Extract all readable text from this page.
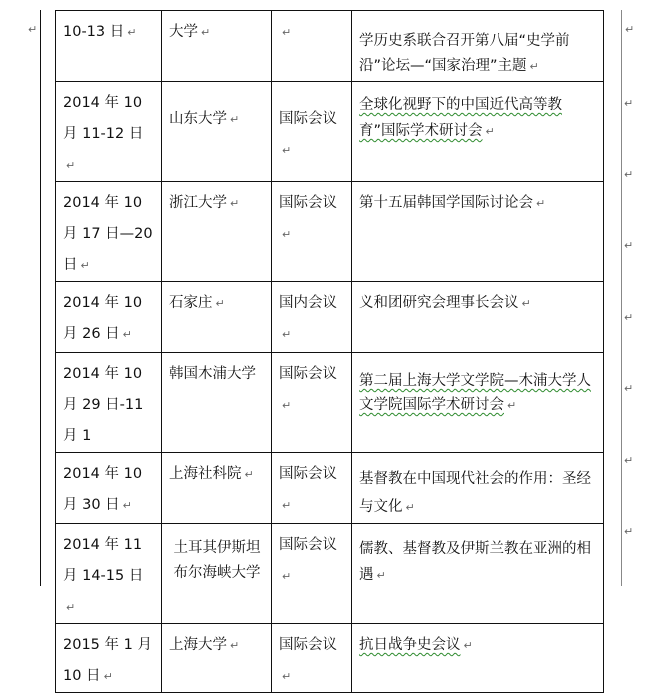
↵	↵
↵
↵
↵
↵
↵
↵
↵
10-13 日 ↵	大学 ↵	↵	学历史系联合召开第八届“史学前沿”论坛—“国家治理”主题 ↵
2014 年 10 月 11-12 日↵	山东大学 ↵	国际会议↵	全球化视野下的中国近代高等教育”国际学术研讨会 ↵
2014 年 10 月 17 日—20 日 ↵	浙江大学 ↵	国际会议↵	第十五届韩国学国际讨论会 ↵
2014 年 10 月 26 日 ↵	石家庄 ↵	国内会议↵	义和团研究会理事长会议 ↵
2014 年 10 月 29 日-11 月 1	韩国木浦大学	国际会议↵	第二届上海大学文学院—木浦大学人文学院国际学术研讨会 ↵
2014 年 10 月 30 日 ↵	上海社科院 ↵	国际会议↵	基督教在中国现代社会的作用：圣经与文化 ↵
2014 年 11 月 14-15 日↵	土耳其伊斯坦布尔海峡大学	国际会议↵	儒教、基督教及伊斯兰教在亚洲的相遇 ↵
2015 年 1 月 10 日 ↵	上海大学 ↵	国际会议↵	抗日战争史会议 ↵
